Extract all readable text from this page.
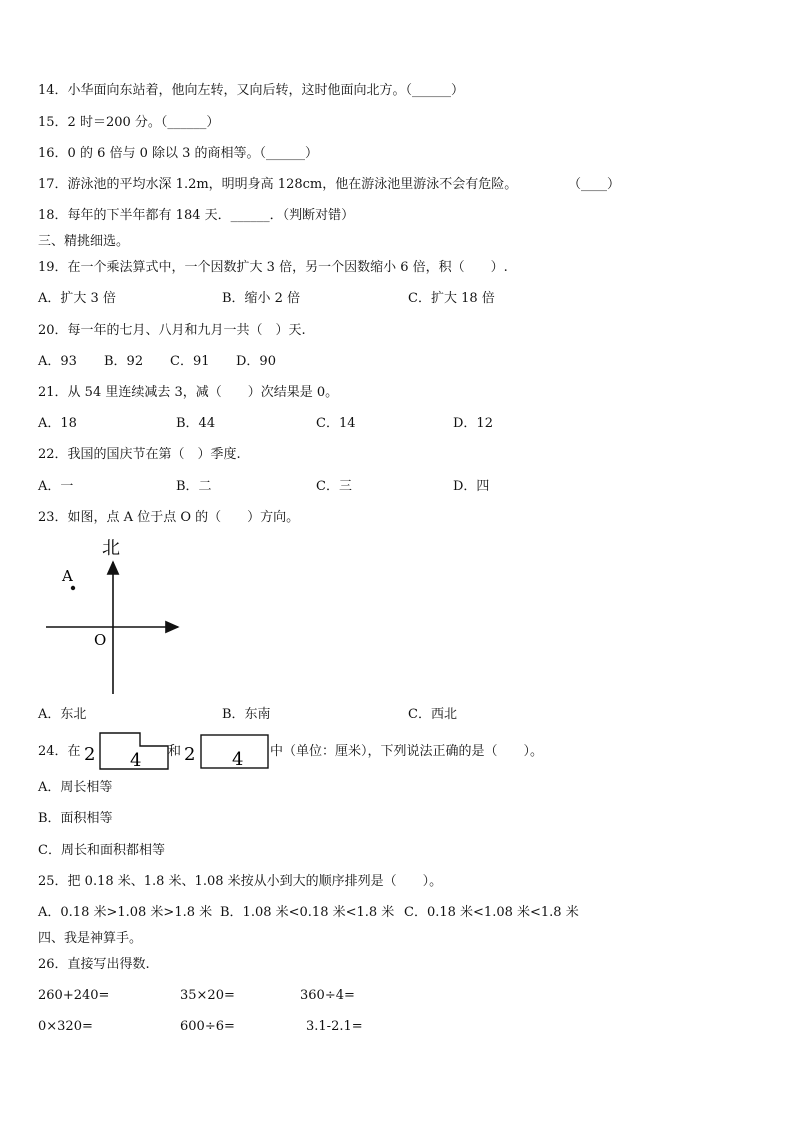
14．小华面向东站着，他向左转，又向后转，这时他面向北方。（______）
15．2 时＝200 分。（______）
16．0 的 6 倍与 0 除以 3 的商相等。（______）
17．游泳池的平均水深 1.2m，明明身高 128cm，他在游泳池里游泳不会有危险。	（____）
18．每年的下半年都有 184 天．______．（判断对错）
三、精挑细选。
19．在一个乘法算式中，一个因数扩大 3 倍，另一个因数缩小 6 倍，积（　　）.
A．扩大 3 倍	B．缩小 2 倍	C．扩大 18 倍
20．每一年的七月、八月和九月一共（　）天.
A．93 B．92 C．91 D．90
21．从 54 里连续减去 3，减（　　）次结果是 0。
A．18	B．44	C．14	D．12
22．我国的国庆节在第（　）季度.
A．一	B．二	C．三	D．四
23．如图，点 A 位于点 O 的（　　）方向。
北
A
O
A．东北	B．东南	C．西北
24．在 2 4 和 2 4 中（单位：厘米），下列说法正确的是（　　）。
A．周长相等
B．面积相等
C．周长和面积都相等
25．把 0.18 米、1.8 米、1.08 米按从小到大的顺序排列是（　　）。
A．0.18 米>1.08 米>1.8 米 B．1.08 米<0.18 米<1.8 米 C．0.18 米<1.08 米<1.8 米
四、我是神算手。
26．直接写出得数.
260+240=	35×20=	360÷4=
0×320=	600÷6=	3.1-2.1=
